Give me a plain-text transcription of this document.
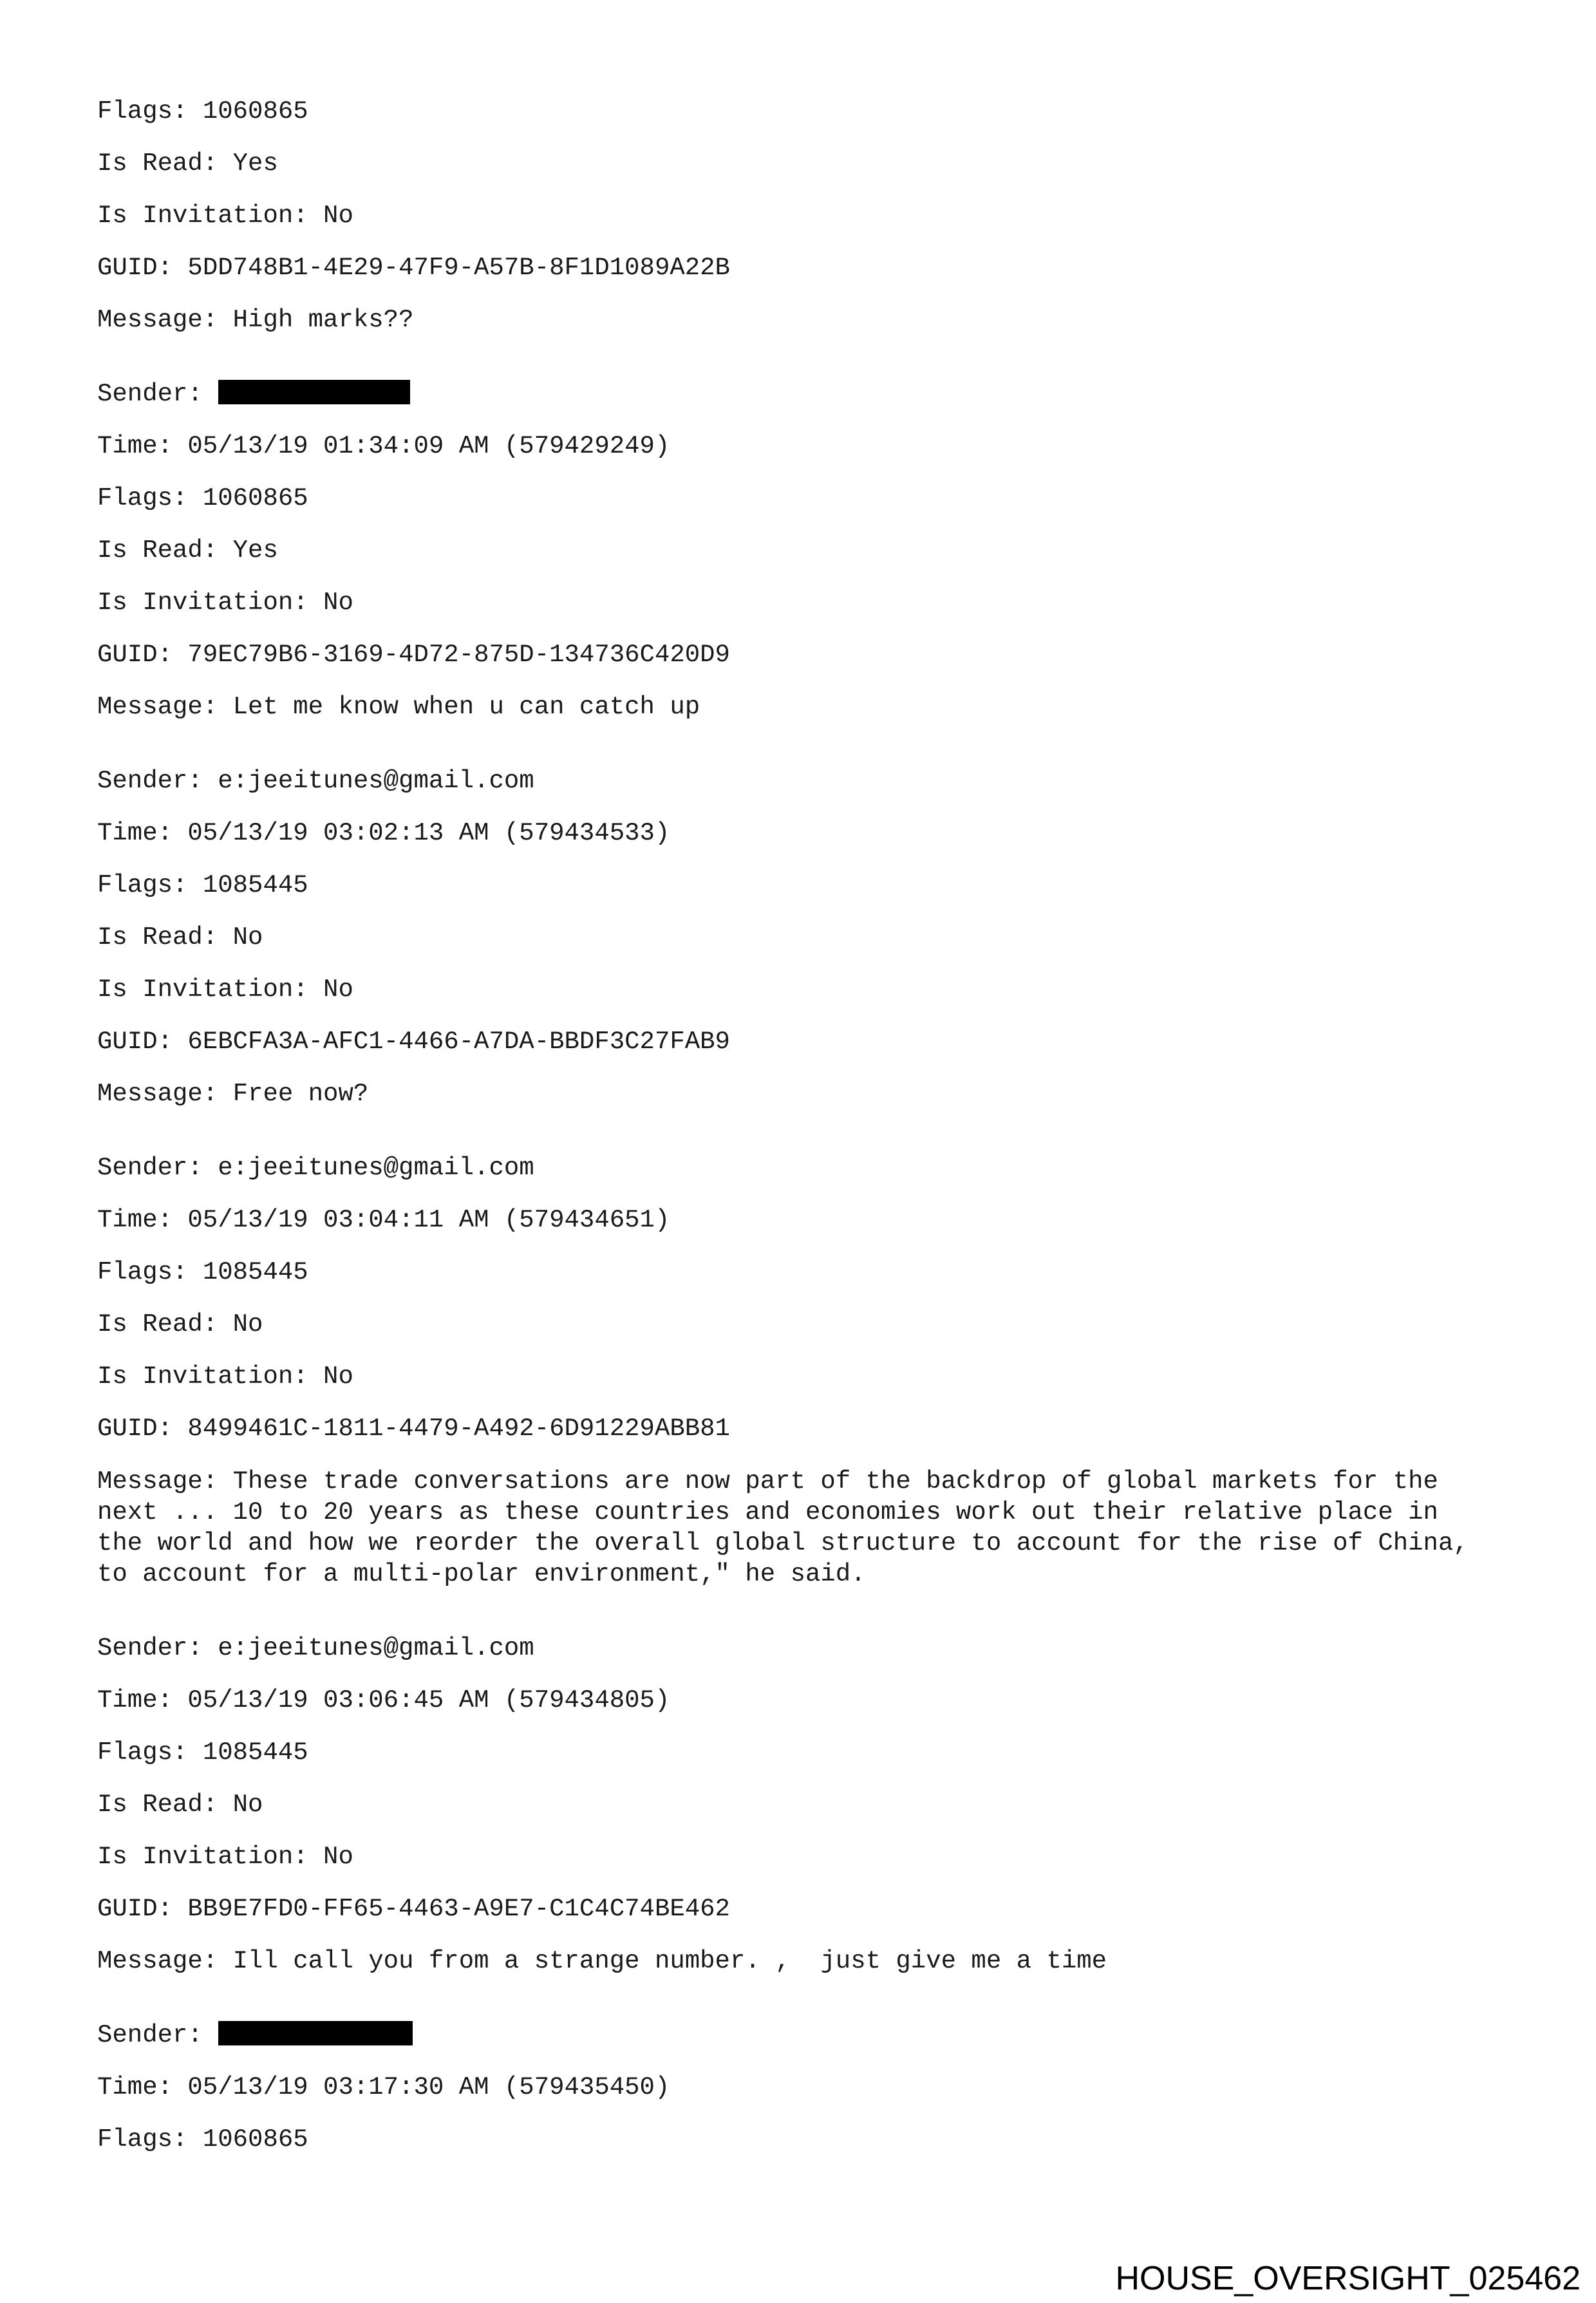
Flags: 1060865
Is Read: Yes
Is Invitation: No
GUID: 5DD748B1-4E29-47F9-A57B-8F1D1089A22B
Message: High marks??
Sender:
Time: 05/13/19 01:34:09 AM (579429249)
Flags: 1060865
Is Read: Yes
Is Invitation: No
GUID: 79EC79B6-3169-4D72-875D-134736C420D9
Message: Let me know when u can catch up
Sender: e:jeeitunes@gmail.com
Time: 05/13/19 03:02:13 AM (579434533)
Flags: 1085445
Is Read: No
Is Invitation: No
GUID: 6EBCFA3A-AFC1-4466-A7DA-BBDF3C27FAB9
Message: Free now?
Sender: e:jeeitunes@gmail.com
Time: 05/13/19 03:04:11 AM (579434651)
Flags: 1085445
Is Read: No
Is Invitation: No
GUID: 8499461C-1811-4479-A492-6D91229ABB81
Message: These trade conversations are now part of the backdrop of global markets for the next ... 10 to 20 years as these countries and economies work out their relative place in the world and how we reorder the overall global structure to account for the rise of China, to account for a multi-polar environment," he said.
Sender: e:jeeitunes@gmail.com
Time: 05/13/19 03:06:45 AM (579434805)
Flags: 1085445
Is Read: No
Is Invitation: No
GUID: BB9E7FD0-FF65-4463-A9E7-C1C4C74BE462
Message: Ill call you from a strange number. ,  just give me a time
Sender:
Time: 05/13/19 03:17:30 AM (579435450)
Flags: 1060865
HOUSE_OVERSIGHT_025462
